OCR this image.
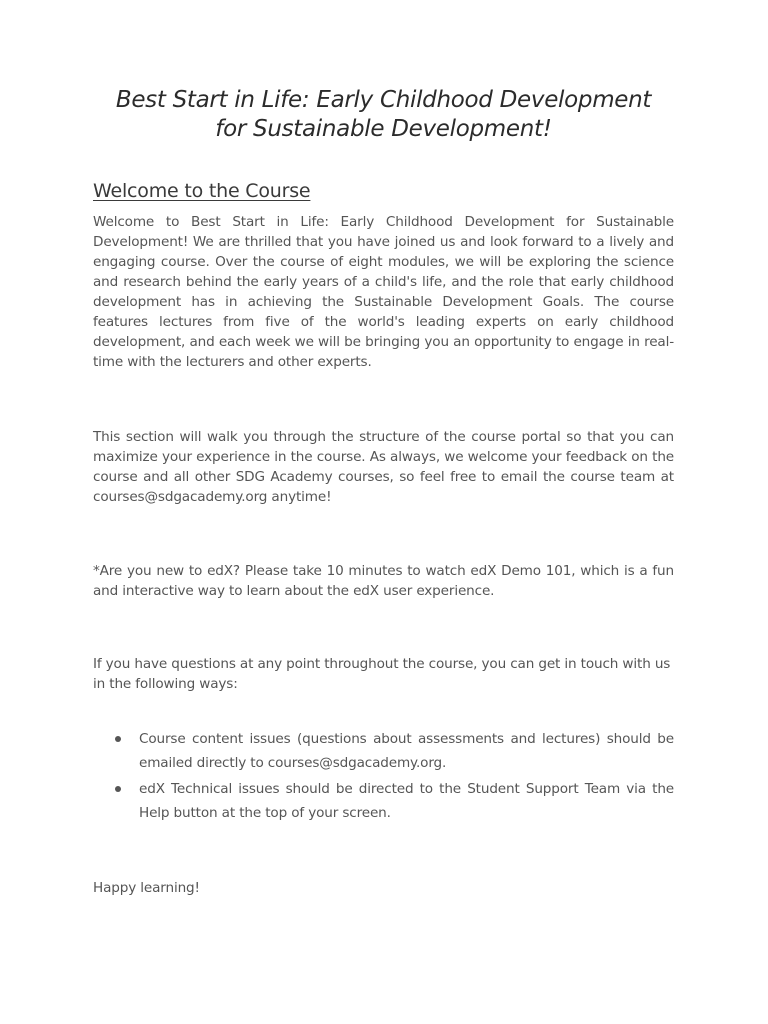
Best Start in Life: Early Childhood Development
for Sustainable Development!
Welcome to the Course

Welcome to Best Start in Life: Early Childhood Development for Sustainable Development! We are thrilled that you have joined us and look forward to a lively and engaging course. Over the course of eight modules, we will be exploring the science and research behind the early years of a child's life, and the role that early childhood development has in achieving the Sustainable Development Goals. The course features lectures from five of the world's leading experts on early childhood development, and each week we will be bringing you an opportunity to engage in real-time with the lecturers and other experts.

This section will walk you through the structure of the course portal so that you can maximize your experience in the course. As always, we welcome your feedback on the course and all other SDG Academy courses, so feel free to email the course team at courses@sdgacademy.org anytime!

*Are you new to edX? Please take 10 minutes to watch edX Demo 101, which is a fun and interactive way to learn about the edX user experience.

If you have questions at any point throughout the course, you can get in touch with us in the following ways:

Course content issues (questions about assessments and lectures) should be emailed directly to courses@sdgacademy.org.
edX Technical issues should be directed to the Student Support Team via the Help button at the top of your screen.

Happy learning!
